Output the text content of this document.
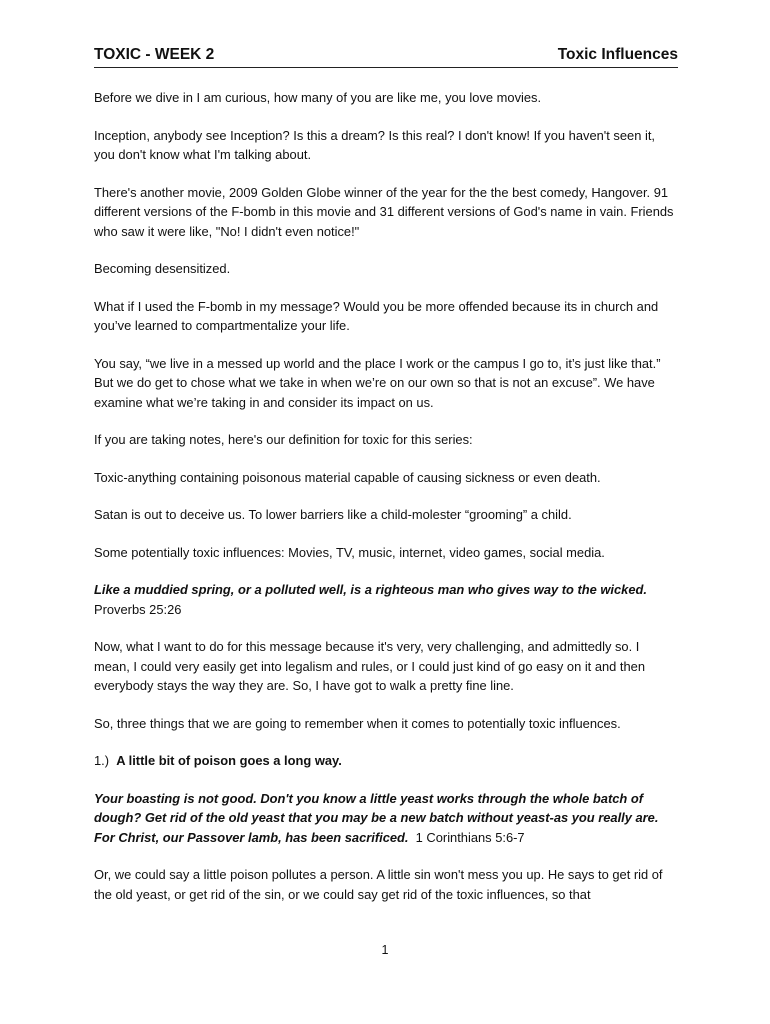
TOXIC - WEEK 2	Toxic Influences

Before we dive in I am curious, how many of you are like me, you love movies.

Inception, anybody see Inception? Is this a dream? Is this real? I don't know! If you haven't seen it, you don't know what I'm talking about.

There's another movie, 2009 Golden Globe winner of the year for the the best comedy, Hangover. 91 different versions of the F-bomb in this movie and 31 different versions of God's name in vain. Friends who saw it were like, "No! I didn't even notice!"

Becoming desensitized.

What if I used the F-bomb in my message? Would you be more offended because its in church and you’ve learned to compartmentalize your life.

You say, “we live in a messed up world and the place I work or the campus I go to, it’s just like that.” But we do get to chose what we take in when we’re on our own so that is not an excuse”. We have examine what we’re taking in and consider its impact on us.

If you are taking notes, here's our definition for toxic for this series:

Toxic-anything containing poisonous material capable of causing sickness or even death.

Satan is out to deceive us. To lower barriers like a child-molester “grooming” a child.

Some potentially toxic influences: Movies, TV, music, internet, video games, social media.

Like a muddied spring, or a polluted well, is a righteous man who gives way to the wicked.
Proverbs 25:26

Now, what I want to do for this message because it's very, very challenging, and admittedly so. I mean, I could very easily get into legalism and rules, or I could just kind of go easy on it and then everybody stays the way they are. So, I have got to walk a pretty fine line.

So, three things that we are going to remember when it comes to potentially toxic influences.

1.) A little bit of poison goes a long way.

Your boasting is not good. Don't you know a little yeast works through the whole batch of dough? Get rid of the old yeast that you may be a new batch without yeast-as you really are. For Christ, our Passover lamb, has been sacrificed. 1 Corinthians 5:6-7

Or, we could say a little poison pollutes a person. A little sin won't mess you up. He says to get rid of the old yeast, or get rid of the sin, or we could say get rid of the toxic influences, so that

1
